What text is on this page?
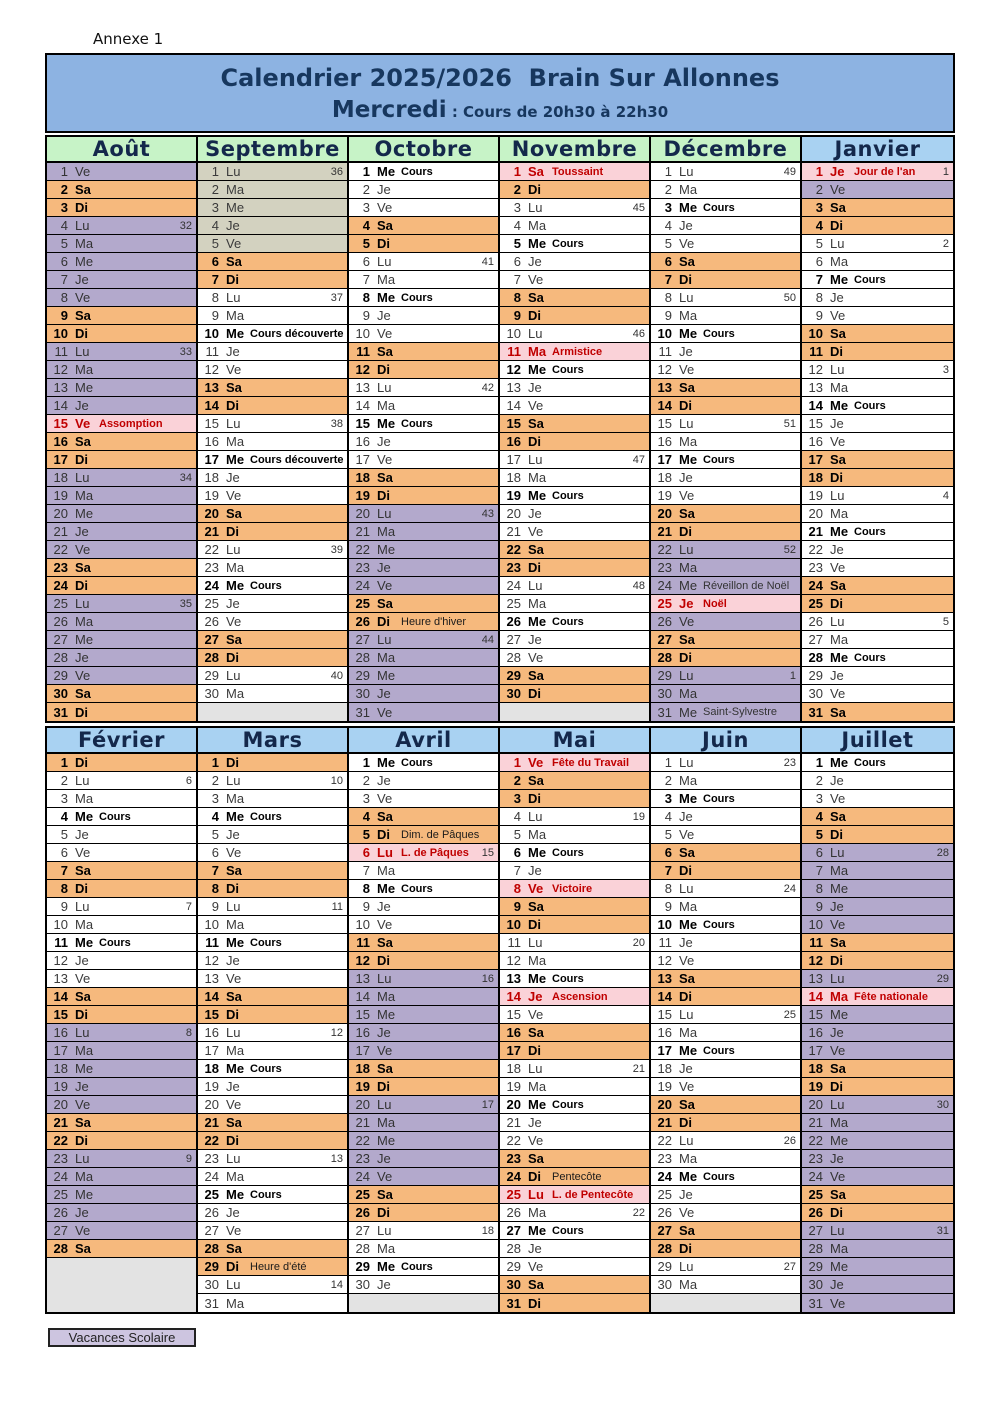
Annexe 1
Calendrier 2025/2026  Brain Sur Allonnes
Mercredi : Cours de 20h30 à 22h30
Août
1 Ve
2 Sa
3 Di
4 Lu	32
5 Ma
6 Me
7 Je
8 Ve
9 Sa
10 Di
11 Lu	33
12 Ma
13 Me
14 Je
15 Ve Assomption
16 Sa
17 Di
18 Lu	34
19 Ma
20 Me
21 Je
22 Ve
23 Sa
24 Di
25 Lu	35
26 Ma
27 Me
28 Je
29 Ve
30 Sa
31 Di
Septembre
1 Lu	36
2 Ma
3 Me
4 Je
5 Ve
6 Sa
7 Di
8 Lu	37
9 Ma
10 Me Cours découverte
11 Je
12 Ve
13 Sa
14 Di
15 Lu	38
16 Ma
17 Me Cours découverte
18 Je
19 Ve
20 Sa
21 Di
22 Lu	39
23 Ma
24 Me Cours
25 Je
26 Ve
27 Sa
28 Di
29 Lu	40
30 Ma
Octobre
1 Me Cours
2 Je
3 Ve
4 Sa
5 Di
6 Lu	41
7 Ma
8 Me Cours
9 Je
10 Ve
11 Sa
12 Di
13 Lu	42
14 Ma
15 Me Cours
16 Je
17 Ve
18 Sa
19 Di
20 Lu	43
21 Ma
22 Me
23 Je
24 Ve
25 Sa
26 Di	Heure d'hiver
27 Lu	44
28 Ma
29 Me
30 Je
31 Ve
Novembre
1 Sa Toussaint
2 Di
3 Lu	45
4 Ma
5 Me Cours
6 Je
7 Ve
8 Sa
9 Di
10 Lu	46
11 Ma Armistice
12 Me Cours
13 Je
14 Ve
15 Sa
16 Di
17 Lu	47
18 Ma
19 Me Cours
20 Je
21 Ve
22 Sa
23 Di
24 Lu	48
25 Ma
26 Me Cours
27 Je
28 Ve
29 Sa
30 Di
Décembre
1 Lu	49
2 Ma
3 Me Cours
4 Je
5 Ve
6 Sa
7 Di
8 Lu	50
9 Ma
10 Me Cours
11 Je
12 Ve
13 Sa
14 Di
15 Lu	51
16 Ma
17 Me Cours
18 Je
19 Ve
20 Sa
21 Di
22 Lu	52
23 Ma
24 Me Réveillon de Noël
25 Je Noël
26 Ve
27 Sa
28 Di
29 Lu	1
30 Ma
31 Me Saint-Sylvestre
Janvier
1 Je Jour de l'an	1
2 Ve
3 Sa
4 Di
5 Lu	2
6 Ma
7 Me Cours
8 Je
9 Ve
10 Sa
11 Di
12 Lu	3
13 Ma
14 Me Cours
15 Je
16 Ve
17 Sa
18 Di
19 Lu	4
20 Ma
21 Me Cours
22 Je
23 Ve
24 Sa
25 Di
26 Lu	5
27 Ma
28 Me Cours
29 Je
30 Ve
31 Sa
Février
1 Di
2 Lu	6
3 Ma
4 Me Cours
5 Je
6 Ve
7 Sa
8 Di
9 Lu	7
10 Ma
11 Me Cours
12 Je
13 Ve
14 Sa
15 Di
16 Lu	8
17 Ma
18 Me
19 Je
20 Ve
21 Sa
22 Di
23 Lu	9
24 Ma
25 Me
26 Je
27 Ve
28 Sa
Mars
1 Di
2 Lu	10
3 Ma
4 Me Cours
5 Je
6 Ve
7 Sa
8 Di
9 Lu	11
10 Ma
11 Me Cours
12 Je
13 Ve
14 Sa
15 Di
16 Lu	12
17 Ma
18 Me Cours
19 Je
20 Ve
21 Sa
22 Di
23 Lu	13
24 Ma
25 Me Cours
26 Je
27 Ve
28 Sa
29 Di	Heure d'été
30 Lu	14
31 Ma
Avril
1 Me Cours
2 Je
3 Ve
4 Sa
5 Di	Dim. de Pâques
6 Lu L. de Pâques 15
7 Ma
8 Me Cours
9 Je
10 Ve
11 Sa
12 Di
13 Lu	16
14 Ma
15 Me
16 Je
17 Ve
18 Sa
19 Di
20 Lu	17
21 Ma
22 Me
23 Je
24 Ve
25 Sa
26 Di
27 Lu	18
28 Ma
29 Me Cours
30 Je
Mai
1 Ve Fête du Travail
2 Sa
3 Di
4 Lu	19
5 Ma
6 Me Cours
7 Je
8 Ve Victoire
9 Sa
10 Di
11 Lu	20
12 Ma
13 Me Cours
14 Je Ascension
15 Ve
16 Sa
17 Di
18 Lu	21
19 Ma
20 Me Cours
21 Je
22 Ve
23 Sa
24 Di	Pentecôte
25 Lu L. de Pentecôte
26 Ma	22
27 Me Cours
28 Je
29 Ve
30 Sa
31 Di
Juin
1 Lu	23
2 Ma
3 Me Cours
4 Je
5 Ve
6 Sa
7 Di
8 Lu	24
9 Ma
10 Me Cours
11 Je
12 Ve
13 Sa
14 Di
15 Lu	25
16 Ma
17 Me Cours
18 Je
19 Ve
20 Sa
21 Di
22 Lu	26
23 Ma
24 Me Cours
25 Je
26 Ve
27 Sa
28 Di
29 Lu	27
30 Ma
Juillet
1 Me Cours
2 Je
3 Ve
4 Sa
5 Di
6 Lu	28
7 Ma
8 Me
9 Je
10 Ve
11 Sa
12 Di
13 Lu	29
14 Ma Fête nationale
15 Me
16 Je
17 Ve
18 Sa
19 Di
20 Lu	30
21 Ma
22 Me
23 Je
24 Ve
25 Sa
26 Di
27 Lu	31
28 Ma
29 Me
30 Je
31 Ve
Vacances Scolaire
